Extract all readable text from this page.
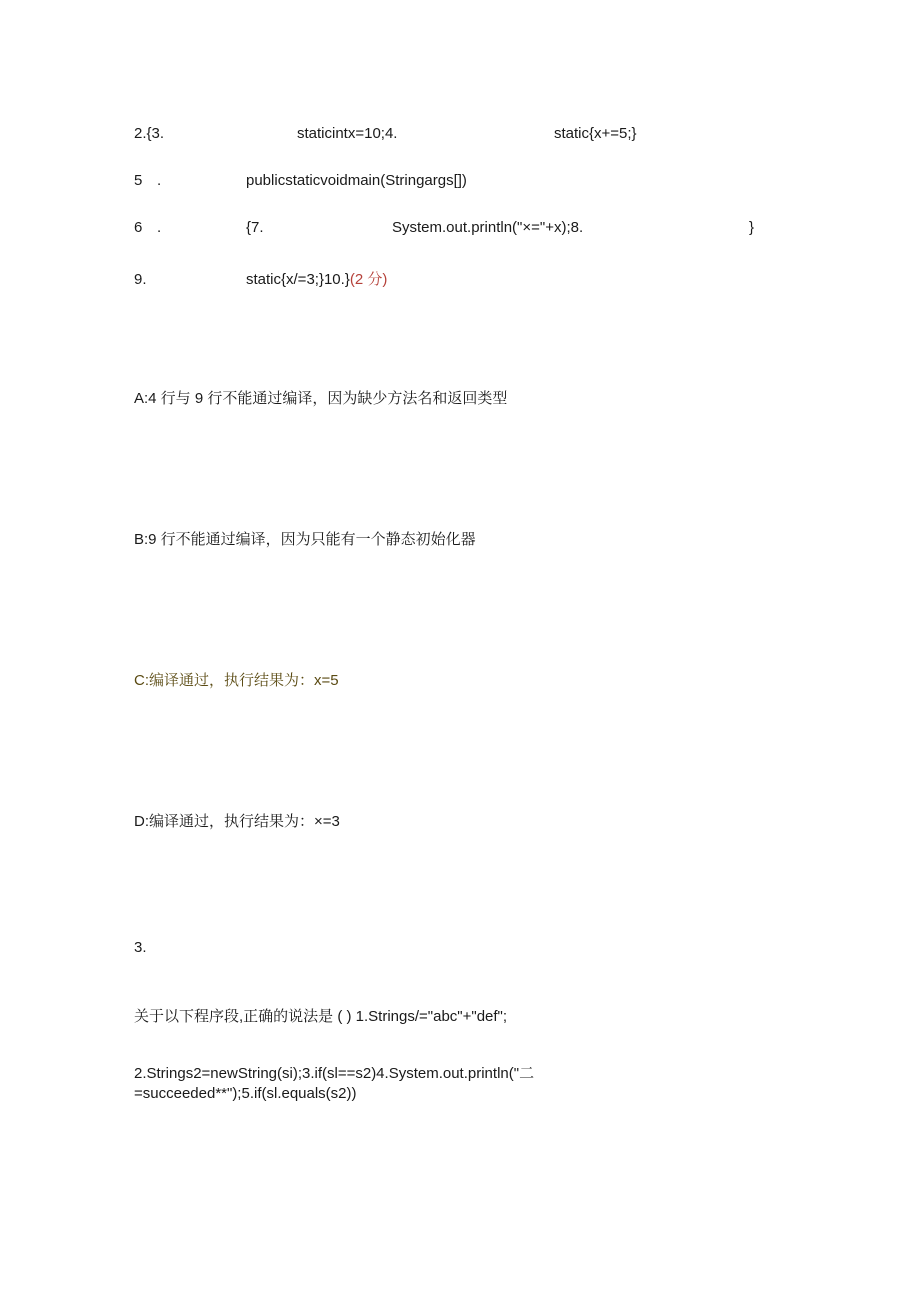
2.{3.	staticintx=10;4.	static{x+=5;}
5 .	publicstaticvoidmain(Stringargs[])
6 .	{7.	System.out.println("×="+x);8.	}
9.	static{x/=3;}10.}(2 分)
A:4 行与 9 行不能通过编译，因为缺少方法名和返回类型
B:9 行不能通过编译，因为只能有一个静态初始化器
C:编译通过，执行结果为：x=5
D:编译通过，执行结果为：×=3
3.
关于以下程序段,正确的说法是 ( ) 1.Strings/="abc"+"def";
2.Strings2=newString(si);3.if(sl==s2)4.System.out.println("二
=succeeded**");5.if(sl.equals(s2))
